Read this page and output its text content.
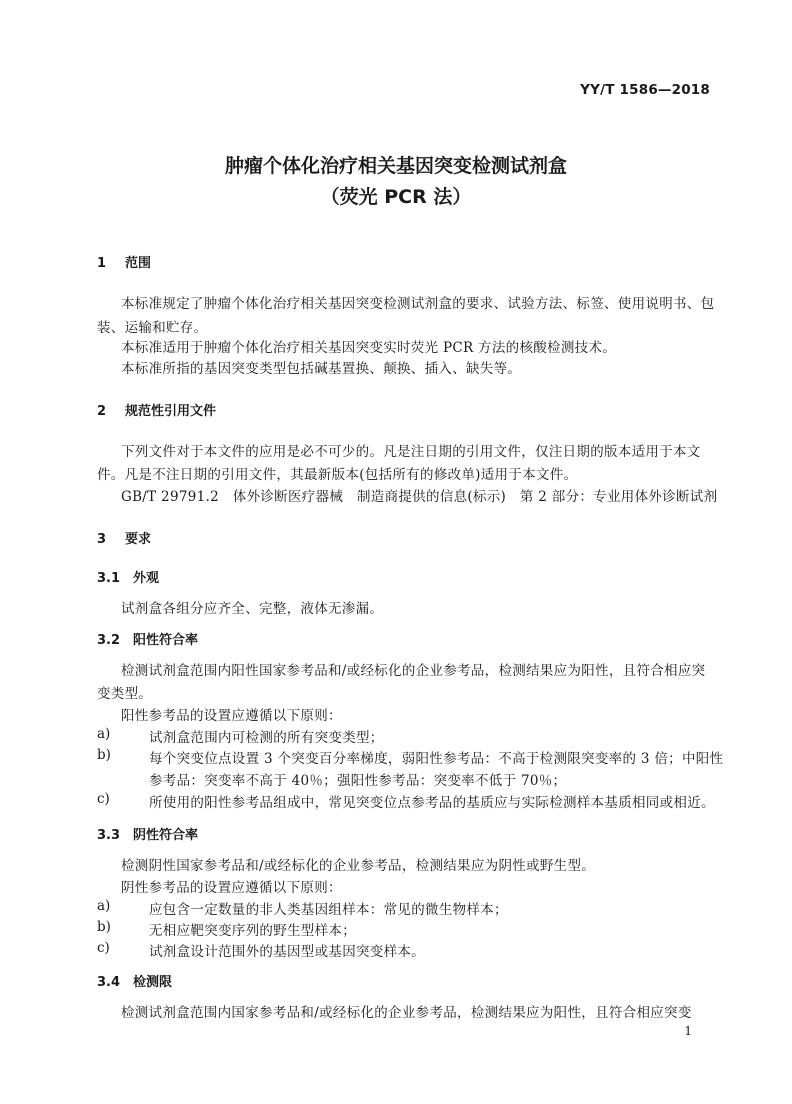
YY/T 1586—2018
肿瘤个体化治疗相关基因突变检测试剂盒
（荧光 PCR 法）
1 范围
本标准规定了肿瘤个体化治疗相关基因突变检测试剂盒的要求、试验方法、标签、使用说明书、包
装、运输和贮存。
本标准适用于肿瘤个体化治疗相关基因突变实时荧光 PCR 方法的核酸检测技术。
本标准所指的基因突变类型包括碱基置换、颠换、插入、缺失等。
2 规范性引用文件
下列文件对于本文件的应用是必不可少的。凡是注日期的引用文件，仅注日期的版本适用于本文
件。凡是不注日期的引用文件，其最新版本(包括所有的修改单)适用于本文件。
GB/T 29791.2　体外诊断医疗器械　制造商提供的信息(标示)　第 2 部分：专业用体外诊断试剂
3 要求
3.1 外观
试剂盒各组分应齐全、完整，液体无渗漏。
3.2 阳性符合率
检测试剂盒范围内阳性国家参考品和/或经标化的企业参考品，检测结果应为阳性，且符合相应突
变类型。
阳性参考品的设置应遵循以下原则：
a)	试剂盒范围内可检测的所有突变类型；
b)	每个突变位点设置 3 个突变百分率梯度，弱阳性参考品：不高于检测限突变率的 3 倍；中阳性
参考品：突变率不高于 40％；强阳性参考品：突变率不低于 70％；
c)	所使用的阳性参考品组成中，常见突变位点参考品的基质应与实际检测样本基质相同或相近。
3.3 阴性符合率
检测阴性国家参考品和/或经标化的企业参考品，检测结果应为阴性或野生型。
阴性参考品的设置应遵循以下原则：
a)	应包含一定数量的非人类基因组样本：常见的微生物样本；
b)	无相应靶突变序列的野生型样本；
c)	试剂盒设计范围外的基因型或基因突变样本。
3.4 检测限
检测试剂盒范围内国家参考品和/或经标化的企业参考品，检测结果应为阳性，且符合相应突变
1
